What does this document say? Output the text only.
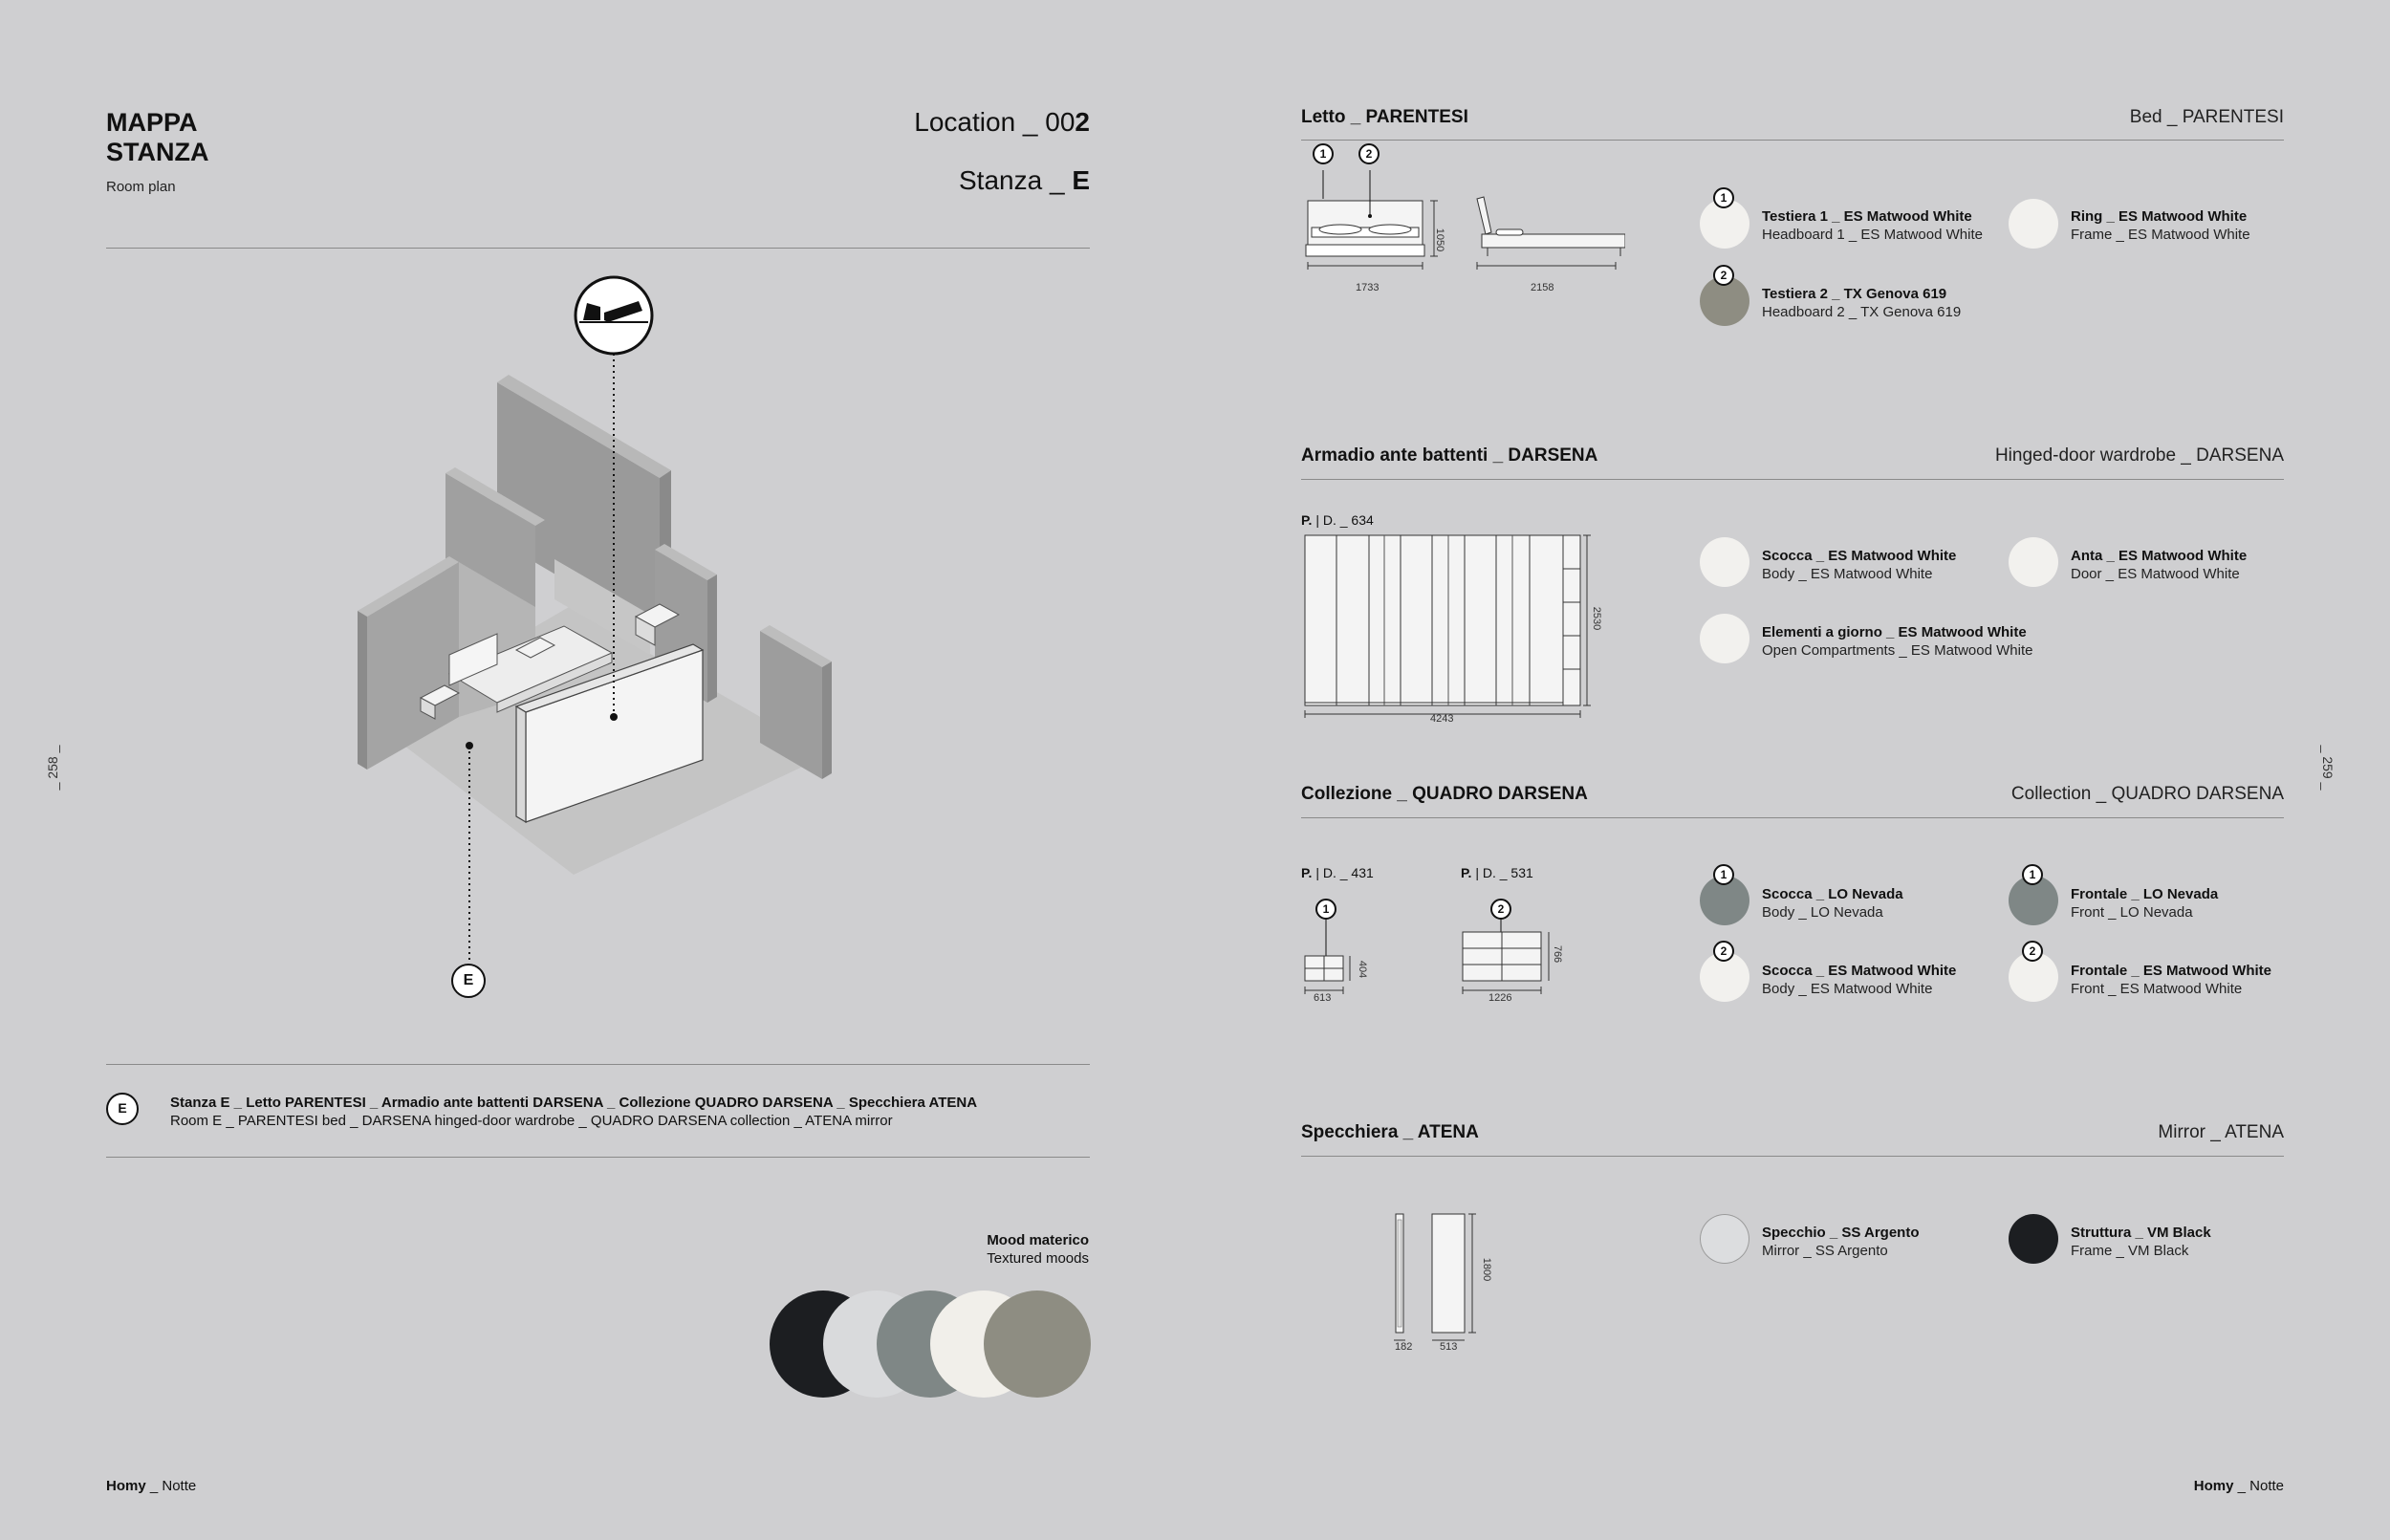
MAPPA
STANZA
Room plan
Location _ 002
Stanza _ E
E
E	Stanza E _ Letto PARENTESI _ Armadio ante battenti DARSENA _ Collezione QUADRO DARSENA _ Specchiera ATENA
Room E _ PARENTESI bed _ DARSENA hinged-door wardrobe _ QUADRO DARSENA collection _ ATENA mirror
Mood materico
Textured moods
_ 258 _
Homy _ Notte
Letto _ PARENTESI	Bed _ PARENTESI
1	2
1733	2158
1050
1
Testiera 1 _ ES Matwood White
Headboard 1 _ ES Matwood White
Ring _ ES Matwood White
Frame _ ES Matwood White
2
Testiera 2 _ TX Genova 619
Headboard 2 _ TX Genova 619
Armadio ante battenti _ DARSENA	Hinged-door wardrobe _ DARSENA
P. | D. _ 634
4243
2530
Scocca _ ES Matwood White
Body _ ES Matwood White
Anta _ ES Matwood White
Door _ ES Matwood White
Elementi a giorno _ ES Matwood White
Open Compartments _ ES Matwood White
Collezione _ QUADRO DARSENA	Collection _ QUADRO DARSENA
P. | D. _ 431	P. | D. _ 531
1	2
613
404
1226
766
1
Scocca _ LO Nevada
Body _ LO Nevada
1
Frontale _ LO Nevada
Front _ LO Nevada
2
Scocca _ ES Matwood White
Body _ ES Matwood White
2
Frontale _ ES Matwood White
Front _ ES Matwood White
Specchiera _ ATENA	Mirror _ ATENA
182	513
1800
Specchio _ SS Argento
Mirror _ SS Argento
Struttura _ VM Black
Frame _ VM Black
_ 259 _
Homy _ Notte
